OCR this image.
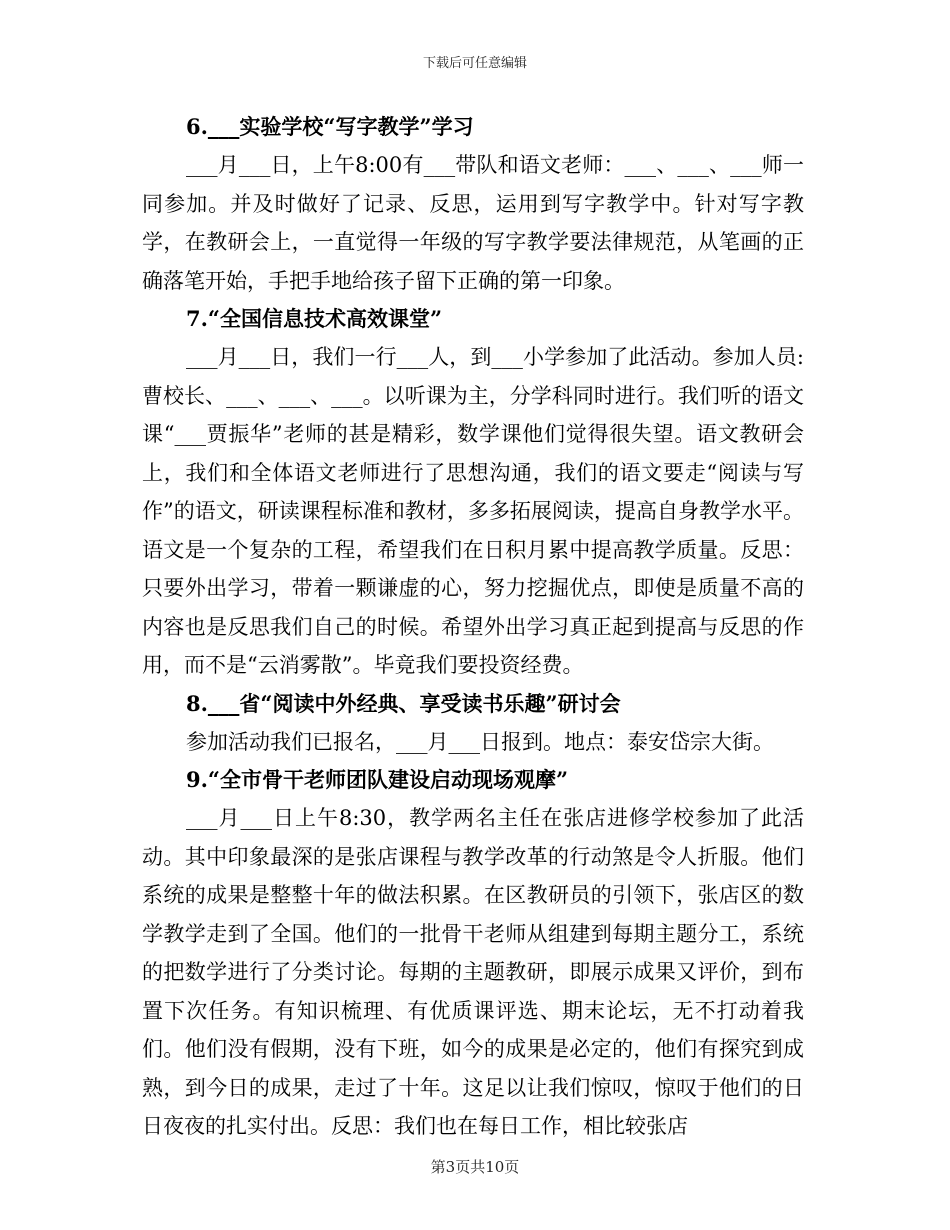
下载后可任意编辑
6.___实验学校“写字教学”学习
___月___日，上午8:00有___带队和语文老师：___、___、___师一同参加。并及时做好了记录、反思，运用到写字教学中。针对写字教学，在教研会上，一直觉得一年级的写字教学要法律规范，从笔画的正确落笔开始，手把手地给孩子留下正确的第一印象。
7.“全国信息技术高效课堂”
___月___日，我们一行___人，到___小学参加了此活动。参加人员:曹校长、___、___、___。以听课为主，分学科同时进行。我们听的语文课“___贾振华”老师的甚是精彩，数学课他们觉得很失望。语文教研会上，我们和全体语文老师进行了思想沟通，我们的语文要走“阅读与写作”的语文，研读课程标准和教材，多多拓展阅读，提高自身教学水平。语文是一个复杂的工程，希望我们在日积月累中提高教学质量。反思：只要外出学习，带着一颗谦虚的心，努力挖掘优点，即使是质量不高的内容也是反思我们自己的时候。希望外出学习真正起到提高与反思的作用，而不是“云消雾散”。毕竟我们要投资经费。
8.___省“阅读中外经典、享受读书乐趣”研讨会
参加活动我们已报名，___月___日报到。地点：泰安岱宗大街。
9.“全市骨干老师团队建设启动现场观摩”
___月___日上午8:30，教学两名主任在张店进修学校参加了此活动。其中印象最深的是张店课程与教学改革的行动煞是令人折服。他们系统的成果是整整十年的做法积累。在区教研员的引领下，张店区的数学教学走到了全国。他们的一批骨干老师从组建到每期主题分工，系统的把数学进行了分类讨论。每期的主题教研，即展示成果又评价，到布置下次任务。有知识梳理、有优质课评选、期末论坛，无不打动着我们。他们没有假期，没有下班，如今的成果是必定的，他们有探究到成熟，到今日的成果，走过了十年。这足以让我们惊叹，惊叹于他们的日日夜夜的扎实付出。反思：我们也在每日工作，相比较张店
第3页共10页
